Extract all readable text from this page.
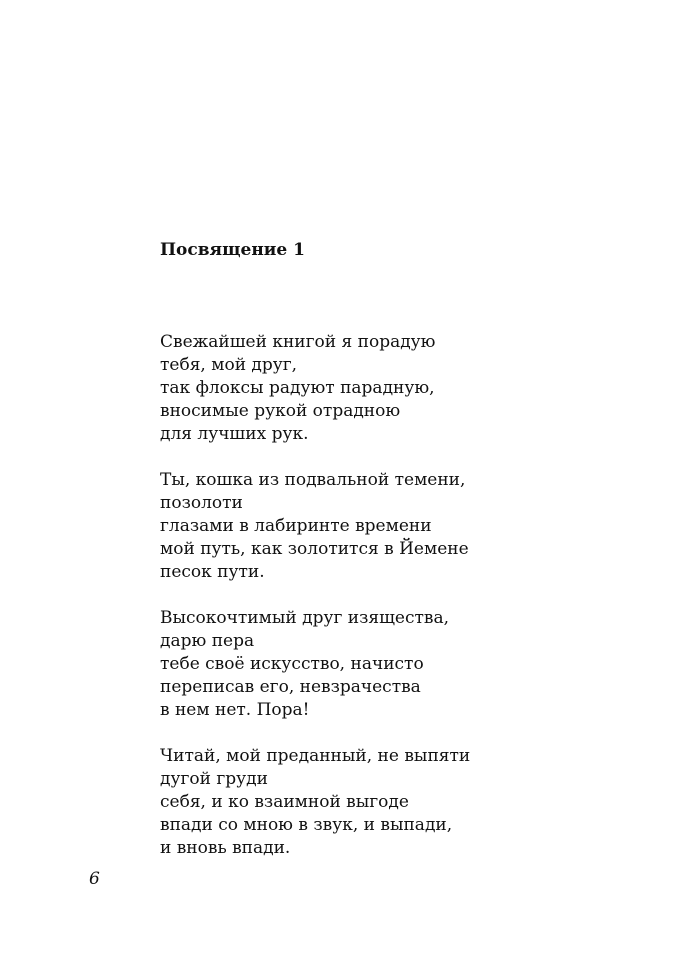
Посвящение 1
Свежайшей книгой я порадую
тебя, мой друг,
так флоксы радуют парадную,
вносимые рукой отрадною
для лучших рук.
Ты, кошка из подвальной темени,
позолоти
глазами в лабиринте времени
мой путь, как золотится в Йемене
песок пути.
Высокочтимый друг изящества,
дарю пера
тебе своё искусство, начисто
переписав его, невзрачества
в нем нет. Пора!
Читай, мой преданный, не выпяти
дугой груди
себя, и ко взаимной выгоде
впади со мною в звук, и выпади,
и вновь впади.
6
